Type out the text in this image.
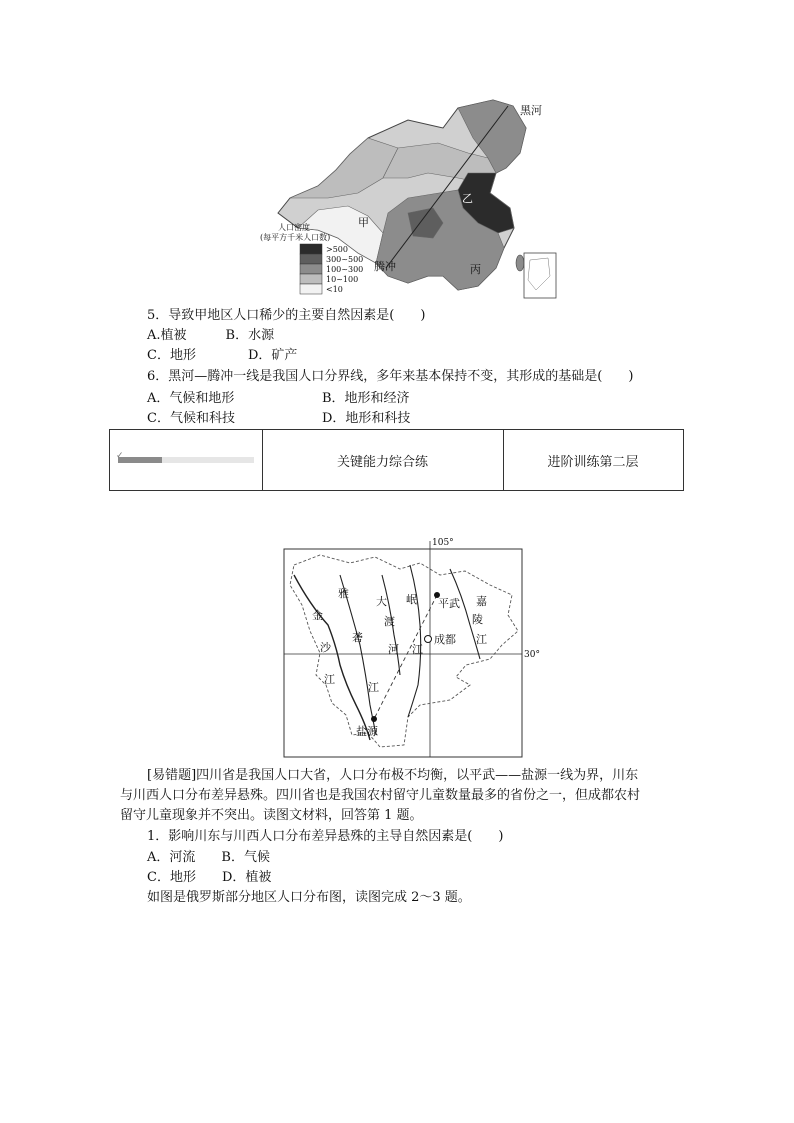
黑河
甲
乙
丙
腾冲
人口密度
(每平方千米人口数)
>500
300~500
100~300
10~100
<10
5．导致甲地区人口稀少的主要自然因素是(　　)
A.植被　　　B．水源
C．地形　　　　D．矿产
6．黑河—腾冲一线是我国人口分界线，多年来基本保持不变，其形成的基础是(　　)
A．气候和地形	B．地形和经济
C．气候和科技	D．地形和科技
✓	关键能力综合练	进阶训练第二层
105°
30°
雅
金
沙
江
砻
江
大
渡
河
岷
江
嘉
陵
江
平武
成都
盐源
[易错题]四川省是我国人口大省，人口分布极不均衡，以平武——盐源一线为界，川东
与川西人口分布差异悬殊。四川省也是我国农村留守儿童数量最多的省份之一，但成都农村
留守儿童现象并不突出。读图文材料，回答第 1 题。
1．影响川东与川西人口分布差异悬殊的主导自然因素是(　　)
A．河流　　B．气候
C．地形　　D．植被
如图是俄罗斯部分地区人口分布图，读图完成 2～3 题。
